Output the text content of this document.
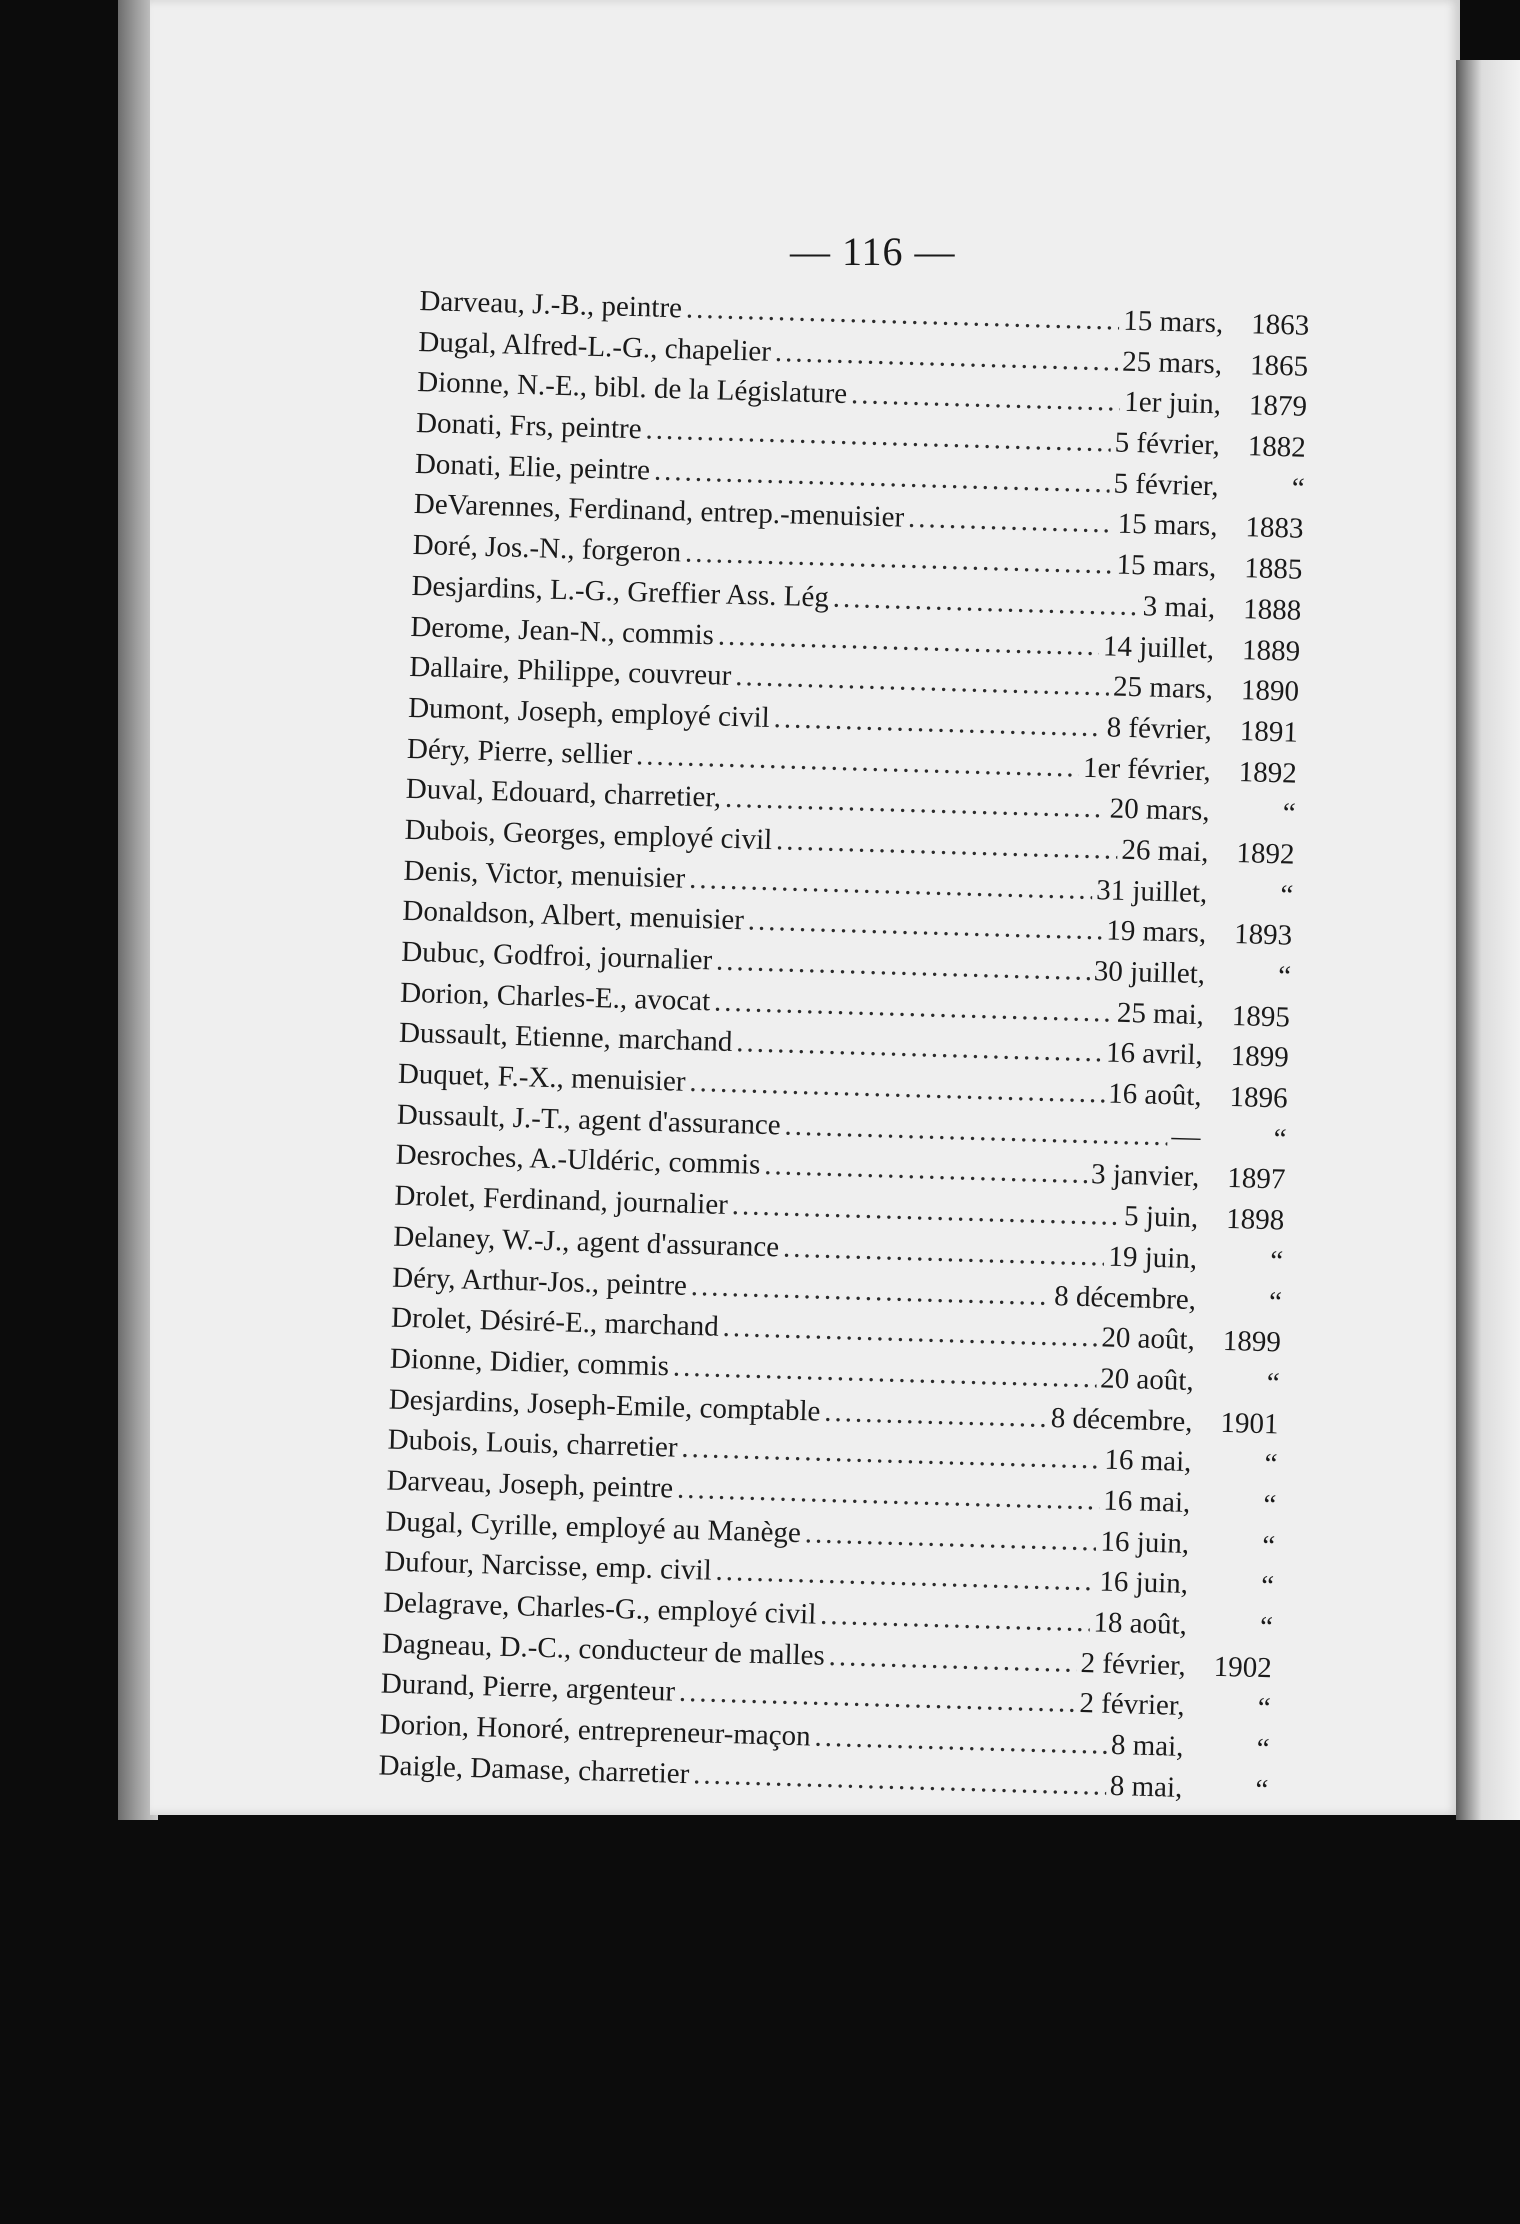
— 116 —
Darveau, J.-B., peintre .....	15 mars, 1863
Dugal, Alfred-L.-G., chapelier .....	25 mars, 1865
Dionne, N.-E., bibl. de la Législature .....	1er juin, 1879
Donati, Frs, peintre .....	5 février, 1882
Donati, Elie, peintre .....	5 février,	“
DeVarennes, Ferdinand, entrep.-menuisier .....	15 mars, 1883
Doré, Jos.-N., forgeron .....	15 mars, 1885
Desjardins, L.-G., Greffier Ass. Lég .....	3 mai, 1888
Derome, Jean-N., commis .....	14 juillet, 1889
Dallaire, Philippe, couvreur .....	25 mars, 1890
Dumont, Joseph, employé civil .....	8 février, 1891
Déry, Pierre, sellier .....	1er février, 1892
Duval, Edouard, charretier, .....	20 mars,	“
Dubois, Georges, employé civil .....	26 mai, 1892
Denis, Victor, menuisier .....	31 juillet,	“
Donaldson, Albert, menuisier .....	19 mars, 1893
Dubuc, Godfroi, journalier .....	30 juillet,	“
Dorion, Charles-E., avocat .....	25 mai, 1895
Dussault, Etienne, marchand .....	16 avril, 1899
Duquet, F.-X., menuisier .....	16 août, 1896
Dussault, J.-T., agent d'assurance .....	—	“
Desroches, A.-Uldéric, commis .....	3 janvier, 1897
Drolet, Ferdinand, journalier .....	5 juin, 1898
Delaney, W.-J., agent d'assurance .....	19 juin,	“
Déry, Arthur-Jos., peintre .....	8 décembre,	“
Drolet, Désiré-E., marchand .....	20 août, 1899
Dionne, Didier, commis .....	20 août,	“
Desjardins, Joseph-Emile, comptable .....	8 décembre, 1901
Dubois, Louis, charretier .....	16 mai,	“
Darveau, Joseph, peintre .....	16 mai,	“
Dugal, Cyrille, employé au Manège .....	16 juin,	“
Dufour, Narcisse, emp. civil .....	16 juin,	“
Delagrave, Charles-G., employé civil .....	18 août,	“
Dagneau, D.-C., conducteur de malles .....	2 février, 1902
Durand, Pierre, argenteur .....	2 février,	“
Dorion, Honoré, entrepreneur-maçon .....	8 mai,	“
Daigle, Damase, charretier .....	8 mai,	“
